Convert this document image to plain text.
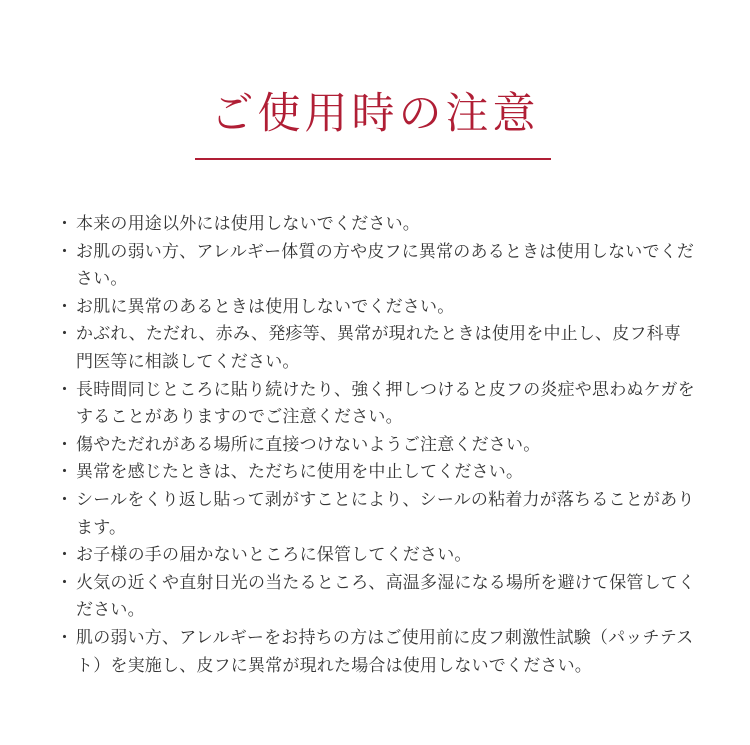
ご使用時の注意
・ 本来の用途以外には使用しないでください。
・ お肌の弱い方、アレルギー体質の方や皮フに異常のあるときは使用しないでください。
・ お肌に異常のあるときは使用しないでください。
・ かぶれ、ただれ、赤み、発疹等、異常が現れたときは使用を中止し、皮フ科専門医等に相談してください。
・ 長時間同じところに貼り続けたり、強く押しつけると皮フの炎症や思わぬケガをすることがありますのでご注意ください。
・ 傷やただれがある場所に直接つけないようご注意ください。
・ 異常を感じたときは、ただちに使用を中止してください。
・ シールをくり返し貼って剥がすことにより、シールの粘着力が落ちることがあります。
・ お子様の手の届かないところに保管してください。
・ 火気の近くや直射日光の当たるところ、高温多湿になる場所を避けて保管してください。
・ 肌の弱い方、アレルギーをお持ちの方はご使用前に皮フ刺激性試験（パッチテスト）を実施し、皮フに異常が現れた場合は使用しないでください。
